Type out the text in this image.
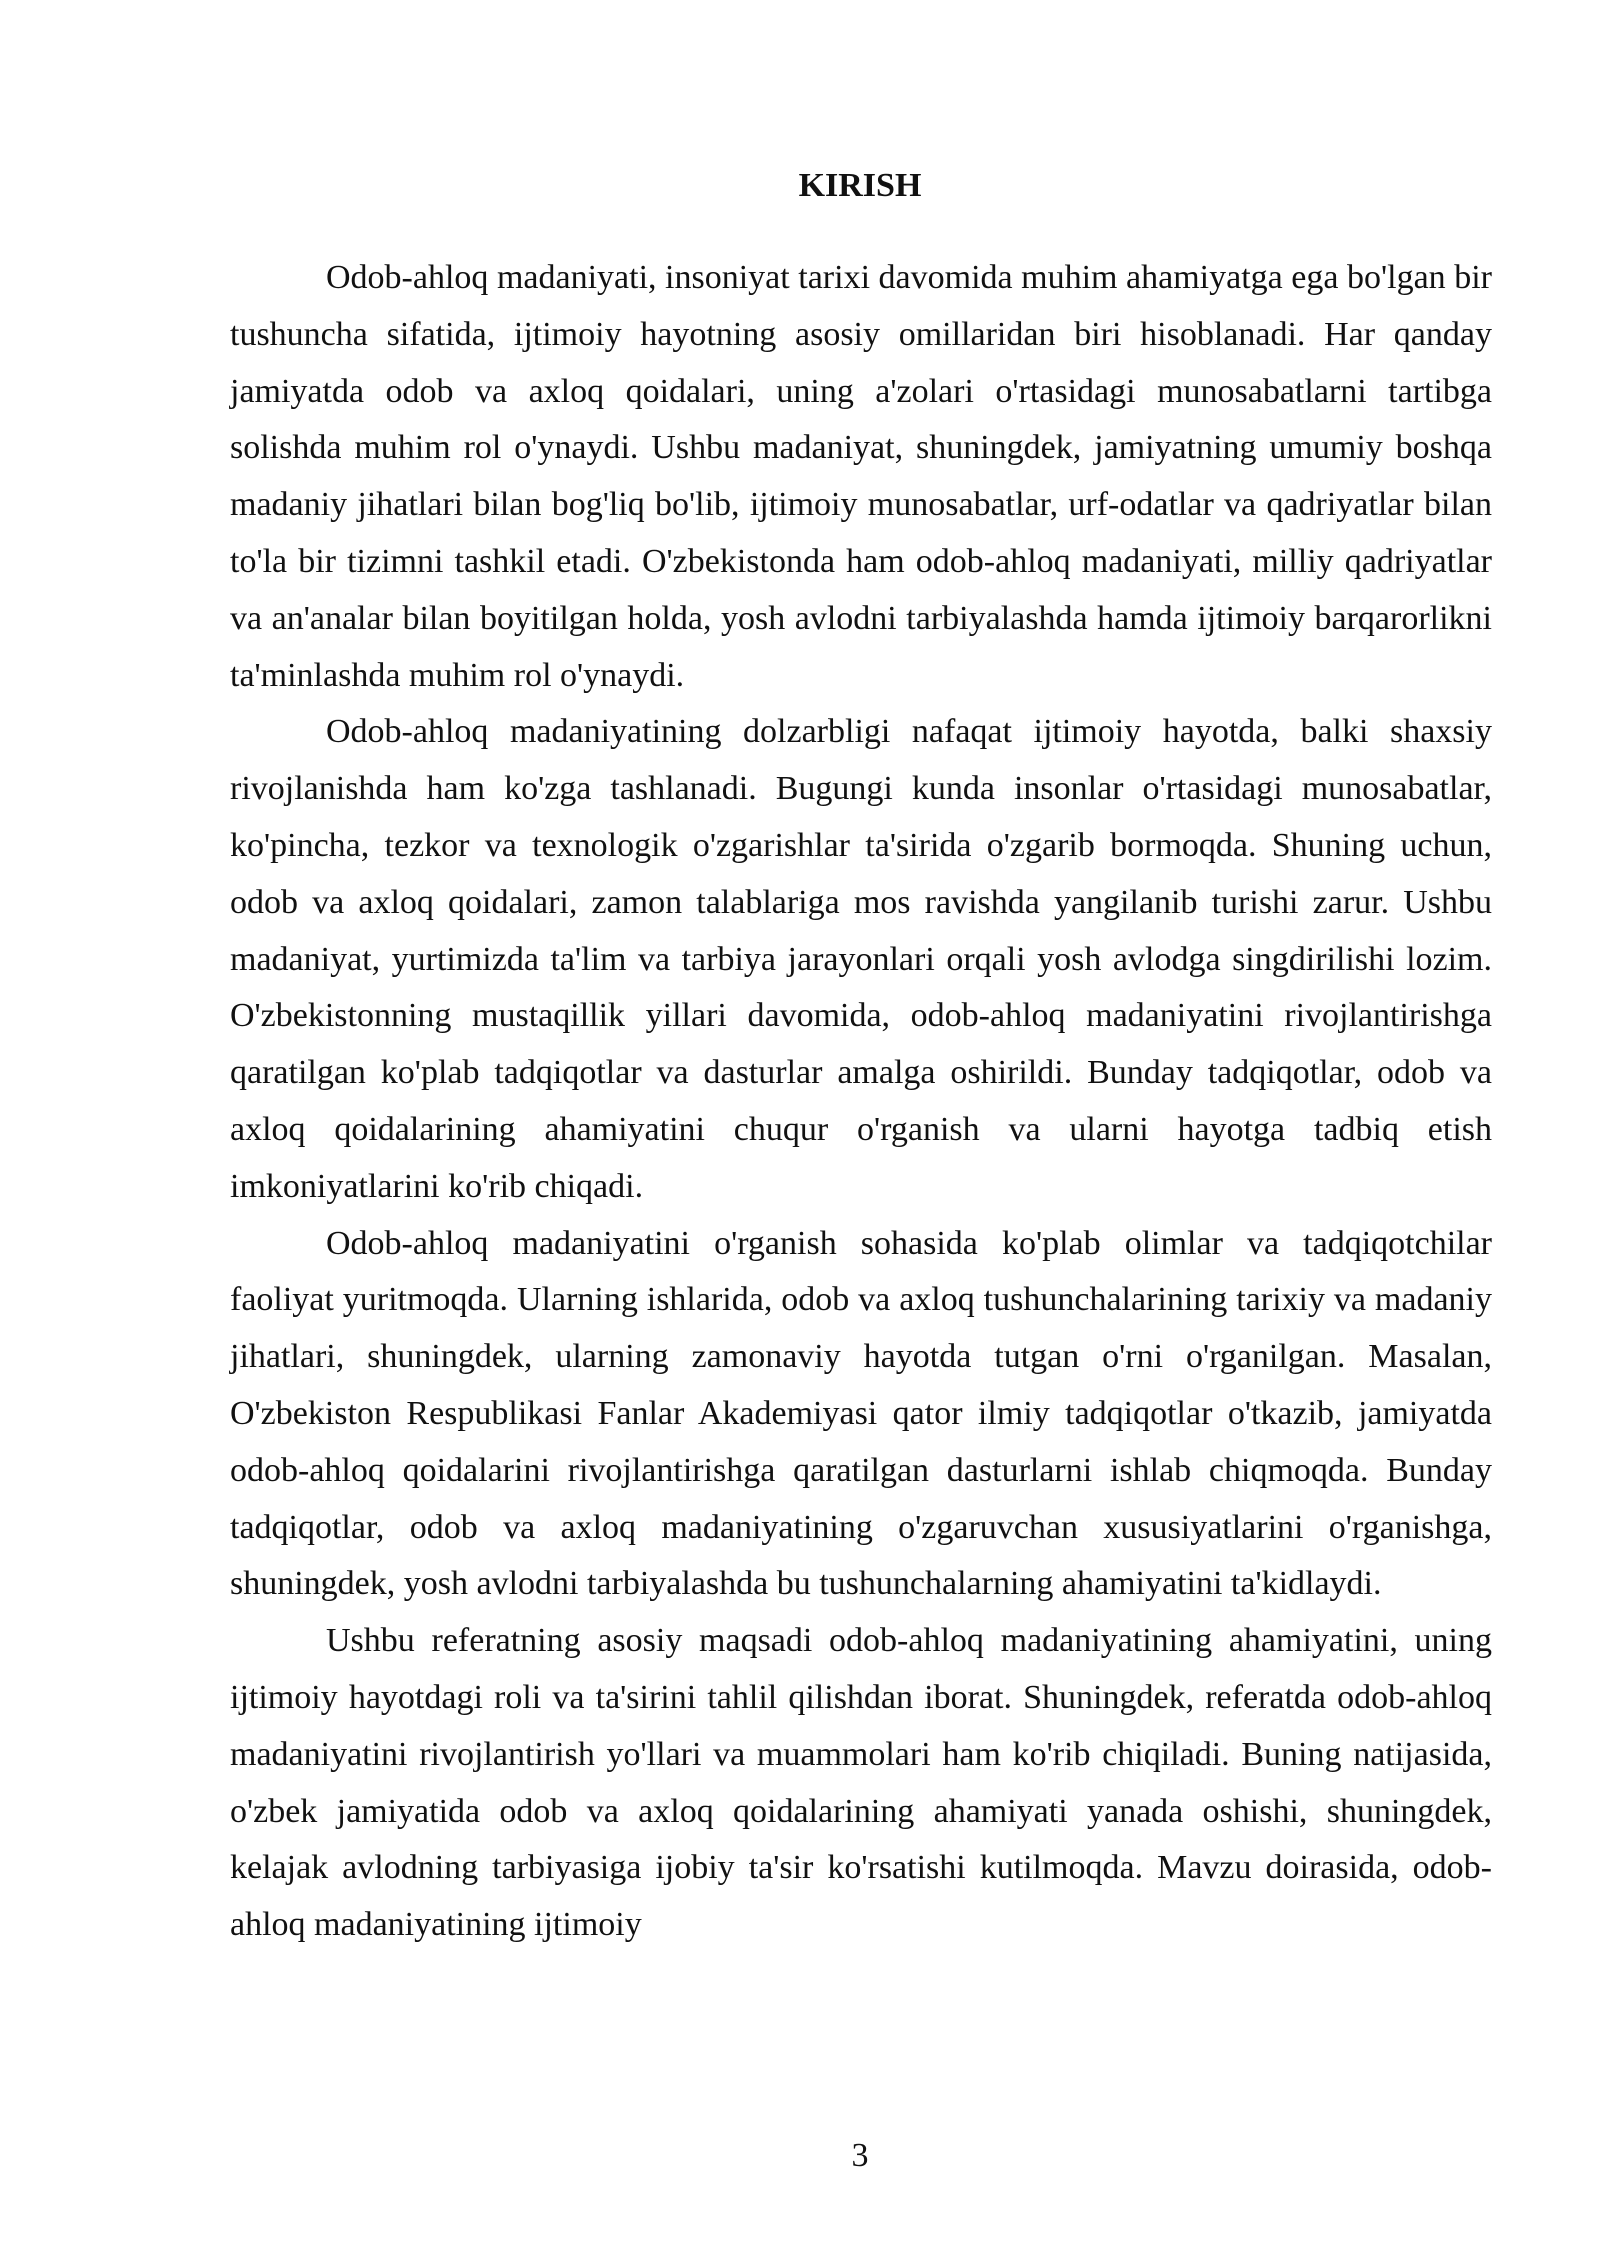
KIRISH

Odob-ahloq madaniyati, insoniyat tarixi davomida muhim ahamiyatga ega bo'lgan bir tushuncha sifatida, ijtimoiy hayotning asosiy omillaridan biri hisoblanadi. Har qanday jamiyatda odob va axloq qoidalari, uning a'zolari o'rtasidagi munosabatlarni tartibga solishda muhim rol o'ynaydi. Ushbu madaniyat, shuningdek, jamiyatning umumiy boshqa madaniy jihatlari bilan bog'liq bo'lib, ijtimoiy munosabatlar, urf-odatlar va qadriyatlar bilan to'la bir tizimni tashkil etadi. O'zbekistonda ham odob-ahloq madaniyati, milliy qadriyatlar va an'analar bilan boyitilgan holda, yosh avlodni tarbiyalashda hamda ijtimoiy barqarorlikni ta'minlashda muhim rol o'ynaydi.

Odob-ahloq madaniyatining dolzarbligi nafaqat ijtimoiy hayotda, balki shaxsiy rivojlanishda ham ko'zga tashlanadi. Bugungi kunda insonlar o'rtasidagi munosabatlar, ko'pincha, tezkor va texnologik o'zgarishlar ta'sirida o'zgarib bormoqda. Shuning uchun, odob va axloq qoidalari, zamon talablariga mos ravishda yangilanib turishi zarur. Ushbu madaniyat, yurtimizda ta'lim va tarbiya jarayonlari orqali yosh avlodga singdirilishi lozim. O'zbekistonning mustaqillik yillari davomida, odob-ahloq madaniyatini rivojlantirishga qaratilgan ko'plab tadqiqotlar va dasturlar amalga oshirildi. Bunday tadqiqotlar, odob va axloq qoidalarining ahamiyatini chuqur o'rganish va ularni hayotga tadbiq etish imkoniyatlarini ko'rib chiqadi.

Odob-ahloq madaniyatini o'rganish sohasida ko'plab olimlar va tadqiqotchilar faoliyat yuritmoqda. Ularning ishlarida, odob va axloq tushunchalarining tarixiy va madaniy jihatlari, shuningdek, ularning zamonaviy hayotda tutgan o'rni o'rganilgan. Masalan, O'zbekiston Respublikasi Fanlar Akademiyasi qator ilmiy tadqiqotlar o'tkazib, jamiyatda odob-ahloq qoidalarini rivojlantirishga qaratilgan dasturlarni ishlab chiqmoqda. Bunday tadqiqotlar, odob va axloq madaniyatining o'zgaruvchan xususiyatlarini o'rganishga, shuningdek, yosh avlodni tarbiyalashda bu tushunchalarning ahamiyatini ta'kidlaydi.

Ushbu referatning asosiy maqsadi odob-ahloq madaniyatining ahamiyatini, uning ijtimoiy hayotdagi roli va ta'sirini tahlil qilishdan iborat. Shuningdek, referatda odob-ahloq madaniyatini rivojlantirish yo'llari va muammolari ham ko'rib chiqiladi. Buning natijasida, o'zbek jamiyatida odob va axloq qoidalarining ahamiyati yanada oshishi, shuningdek, kelajak avlodning tarbiyasiga ijobiy ta'sir ko'rsatishi kutilmoqda. Mavzu doirasida, odob-ahloq madaniyatining ijtimoiy

3
